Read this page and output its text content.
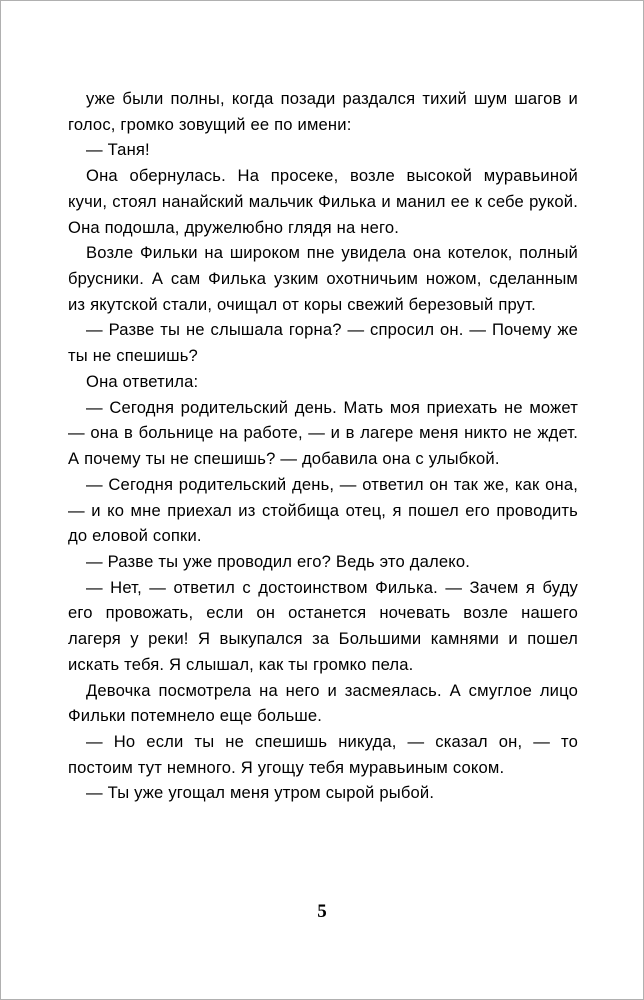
уже были полны, когда позади раздался тихий шум шагов и голос, громко зовущий ее по имени:

— Таня!

Она обернулась. На просеке, возле высокой муравьиной кучи, стоял нанайский мальчик Филька и манил ее к себе рукой. Она подошла, дружелюбно глядя на него.

Возле Фильки на широком пне увидела она котелок, полный брусники. А сам Филька узким охотничьим ножом, сделанным из якутской стали, очищал от коры свежий березовый прут.

— Разве ты не слышала горна? — спросил он. — Почему же ты не спешишь?

Она ответила:

— Сегодня родительский день. Мать моя приехать не может — она в больнице на работе, — и в лагере меня никто не ждет. А почему ты не спешишь? — добавила она с улыбкой.

— Сегодня родительский день, — ответил он так же, как она, — и ко мне приехал из стойбища отец, я пошел его проводить до еловой сопки.

— Разве ты уже проводил его? Ведь это далеко.

— Нет, — ответил с достоинством Филька. — Зачем я буду его провожать, если он останется ночевать возле нашего лагеря у реки! Я выкупался за Большими камнями и пошел искать тебя. Я слышал, как ты громко пела.

Девочка посмотрела на него и засмеялась. А смуглое лицо Фильки потемнело еще больше.

— Но если ты не спешишь никуда, — сказал он, — то постоим тут немного. Я угощу тебя муравьиным соком.

— Ты уже угощал меня утром сырой рыбой.

5
